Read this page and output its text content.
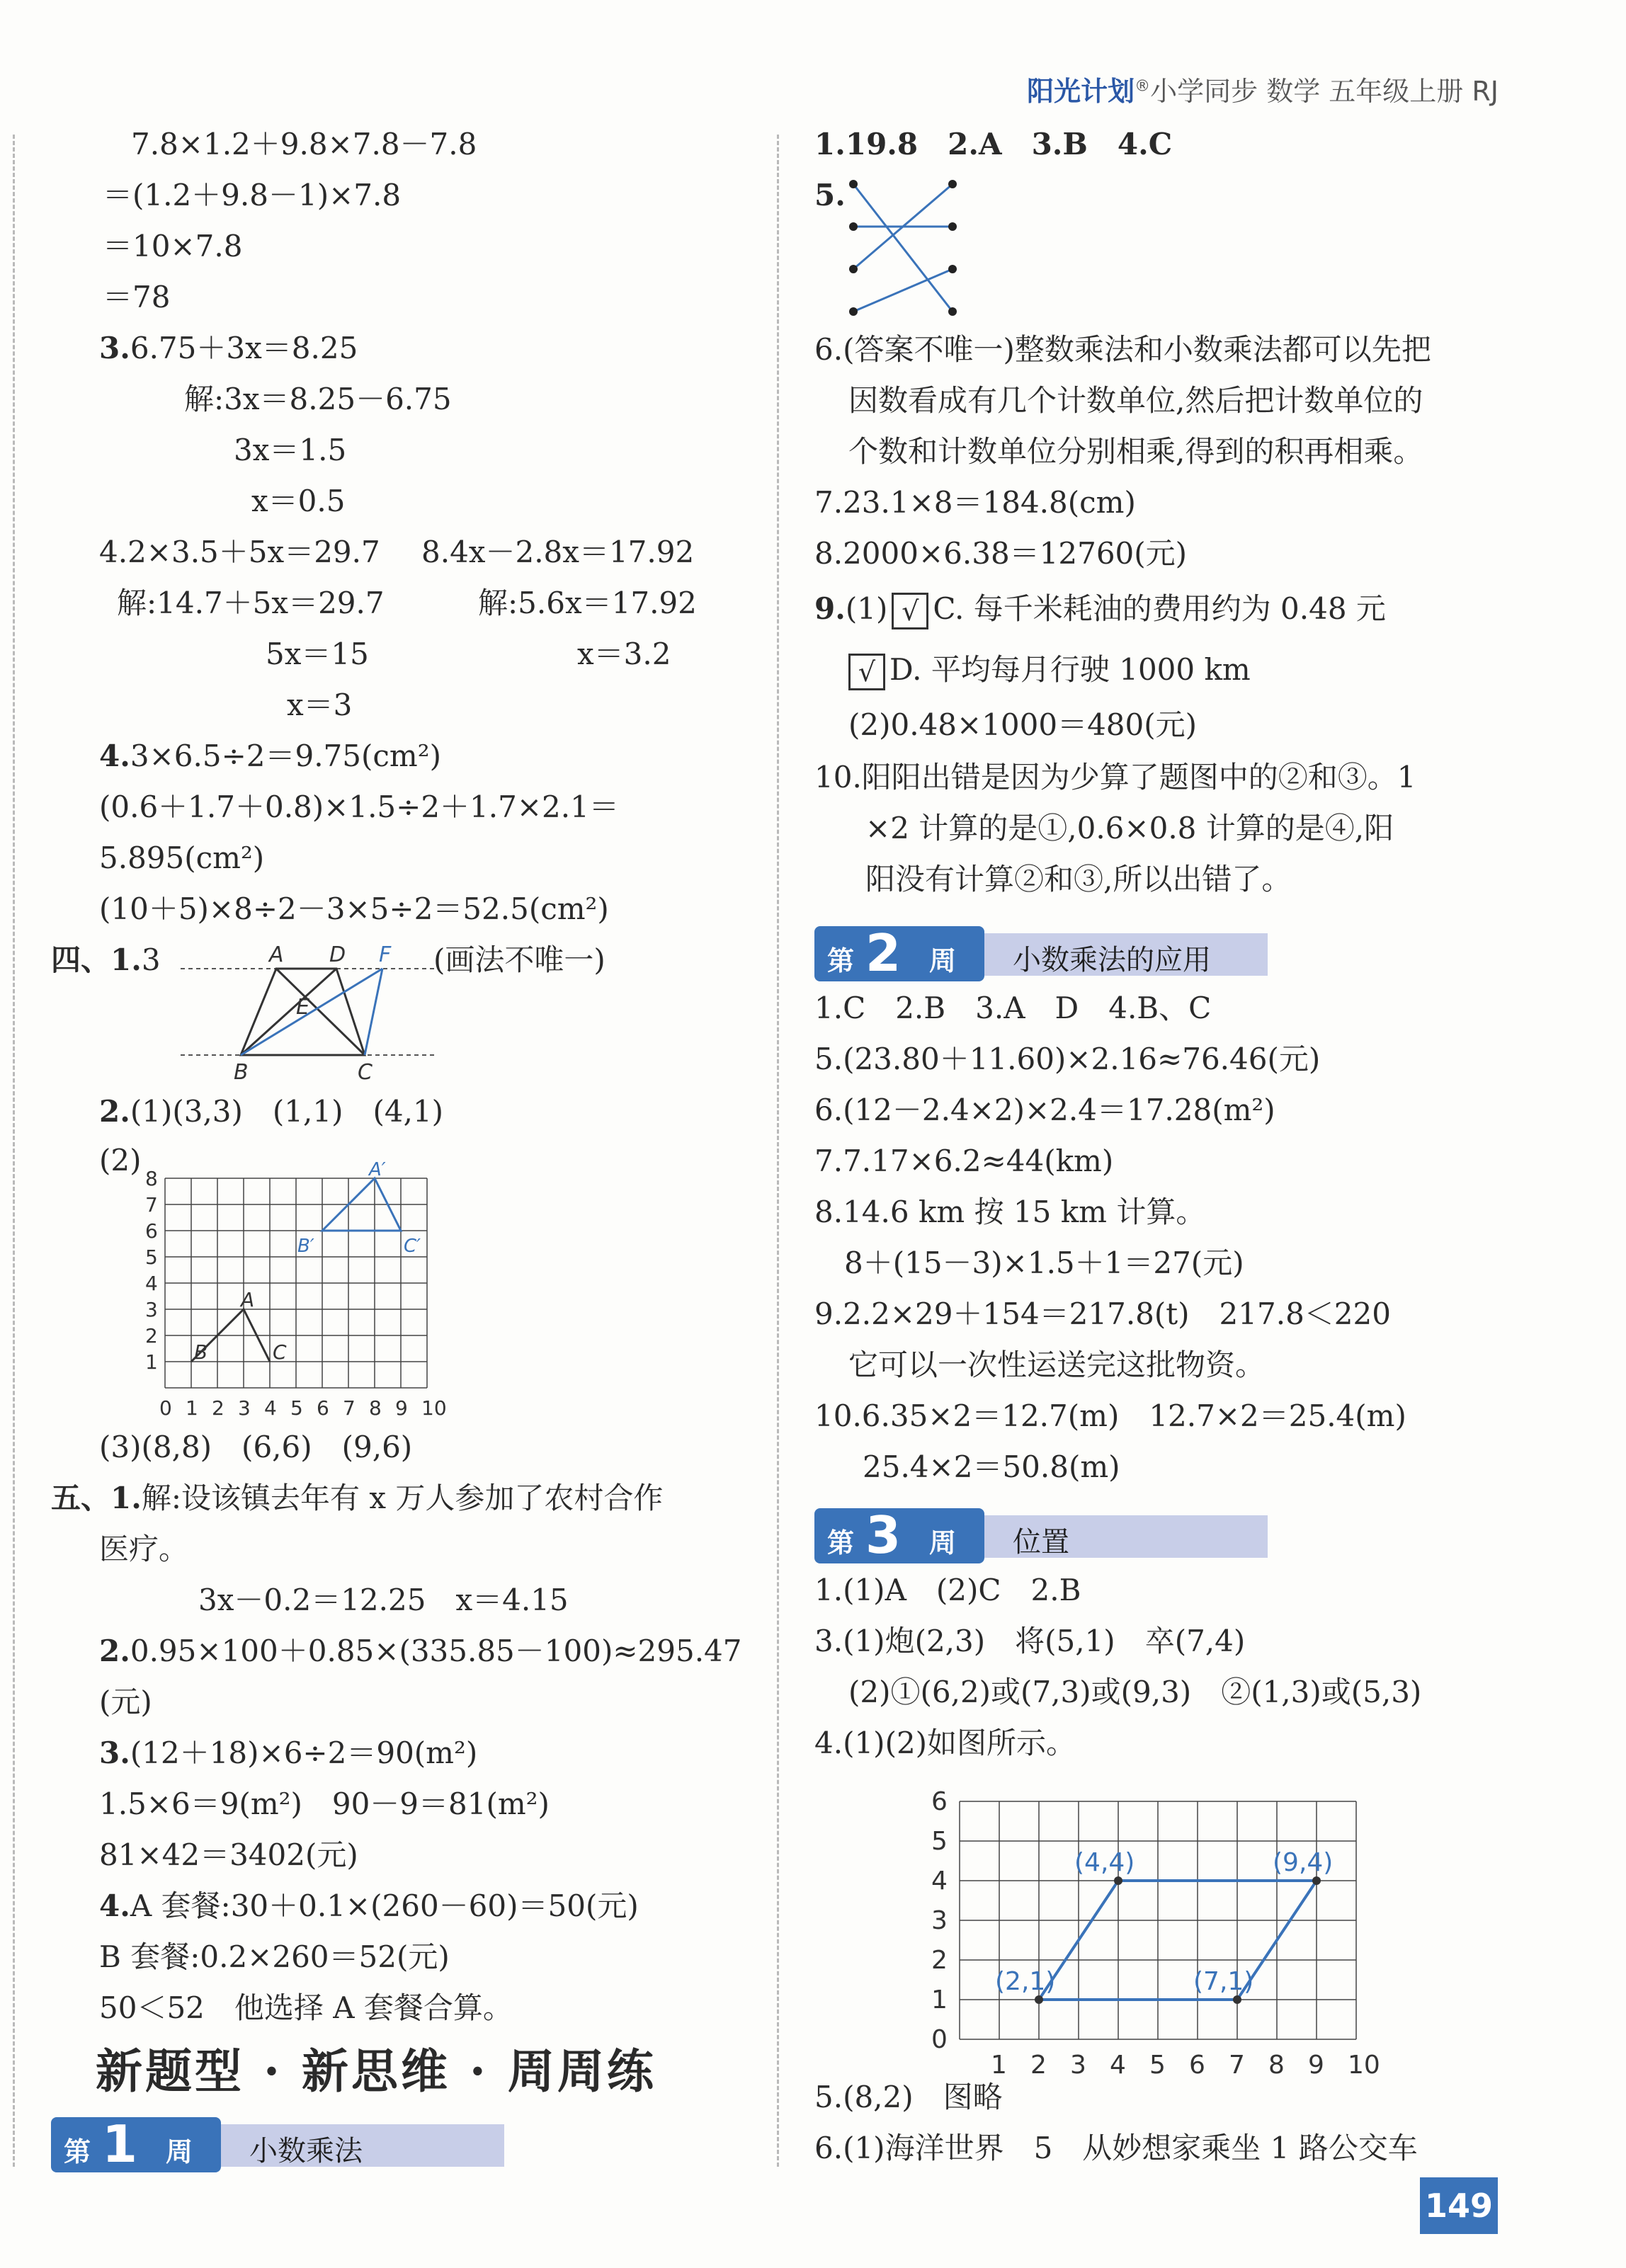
阳光计划®小学同步 数学 五年级上册 RJ
7.8×1.2＋9.8×7.8－7.8
＝(1.2＋9.8－1)×7.8
＝10×7.8
＝78
3.6.75＋3x＝8.25
解:3x＝8.25－6.75
3x＝1.5
x＝0.5
4.2×3.5＋5x＝29.7 8.4x－2.8x＝17.92
解:14.7＋5x＝29.7	解:5.6x＝17.92
5x＝15	x＝3.2
x＝3
4.3×6.5÷2＝9.75(cm²)
(0.6＋1.7＋0.8)×1.5÷2＋1.7×2.1＝
5.895(cm²)
(10＋5)×8÷2－3×5÷2＝52.5(cm²)
四、1.3	(画法不唯一)
A D F
E
B	C
2.(1)(3,3)　(1,1)　(4,1)
(2)
1
2
3
4
5
6
7
8
0 1 2 3 4 5 6 7 8 9 10
A
B	C
A′
B′	C′
(3)(8,8)　(6,6)　(9,6)
五、1.解:设该镇去年有 x 万人参加了农村合作
医疗。
3x－0.2＝12.25　x＝4.15
2.0.95×100＋0.85×(335.85－100)≈295.47
(元)
3.(12＋18)×6÷2＝90(m²)
1.5×6＝9(m²)　90－9＝81(m²)
81×42＝3402(元)
4.A 套餐:30＋0.1×(260－60)＝50(元)
B 套餐:0.2×260＝52(元)
50＜52　他选择 A 套餐合算。
新题型 · 新思维 · 周周练
第 1 周 小数乘法
1.19.8　2.A　3.B　4.C
5.
6.(答案不唯一)整数乘法和小数乘法都可以先把
因数看成有几个计数单位,然后把计数单位的
个数和计数单位分别相乘,得到的积再相乘。
7.23.1×8＝184.8(cm)
8.2000×6.38＝12760(元)
9.(1) √ C. 每千米耗油的费用约为 0.48 元
√ D. 平均每月行驶 1000 km
(2)0.48×1000＝480(元)
10.阳阳出错是因为少算了题图中的②和③。1
×2 计算的是①,0.6×0.8 计算的是④,阳
阳没有计算②和③,所以出错了。
第 2 周 小数乘法的应用
1.C　2.B　3.A　D　4.B、C
5.(23.80＋11.60)×2.16≈76.46(元)
6.(12－2.4×2)×2.4＝17.28(m²)
7.7.17×6.2≈44(km)
8.14.6 km 按 15 km 计算。
8＋(15－3)×1.5＋1＝27(元)
9.2.2×29＋154＝217.8(t)　217.8＜220
它可以一次性运送完这批物资。
10.6.35×2＝12.7(m)　12.7×2＝25.4(m)
25.4×2＝50.8(m)
第 3 周 位置
1.(1)A　(2)C　2.B
3.(1)炮(2,3)　将(5,1)　卒(7,4)
(2)①(6,2)或(7,3)或(9,3)　②(1,3)或(5,3)
4.(1)(2)如图所示。
0
1
2
3
4
5
6
1 2 3 4 5 6 7 8 9 10
(4,4)	(9,4)
(2,1)	(7,1)
5.(8,2)　图略
6.(1)海洋世界　5　从妙想家乘坐 1 路公交车
149
